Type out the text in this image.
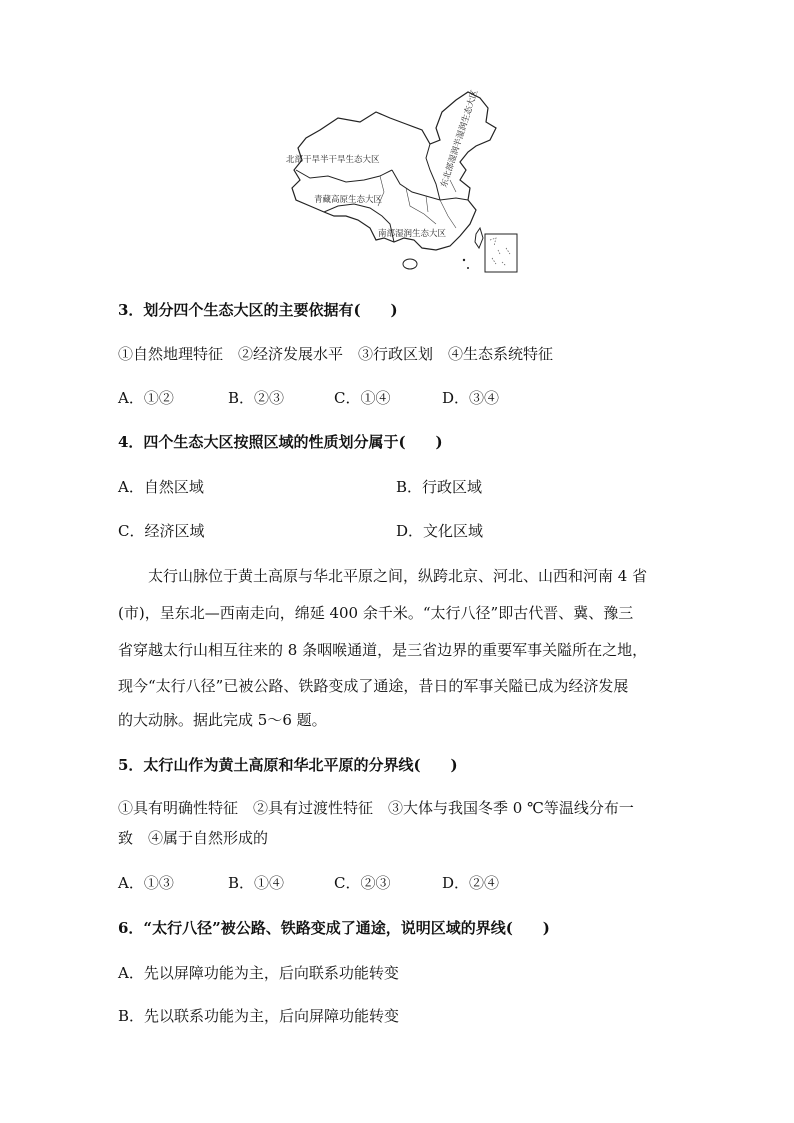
北部干旱半干旱生态大区
青藏高原生态大区
南部湿润生态大区
东北部湿润半湿润生态大区
3．划分四个生态大区的主要依据有(　　)
①自然地理特征　②经济发展水平　③行政区划　④生态系统特征
A．①②	B．②③	C．①④	D．③④
4．四个生态大区按照区域的性质划分属于(　　)
A．自然区域	B．行政区域
C．经济区域	D．文化区域
太行山脉位于黄土高原与华北平原之间，纵跨北京、河北、山西和河南 4 省
(市)，呈东北—西南走向，绵延 400 余千米。“太行八径”即古代晋、冀、豫三
省穿越太行山相互往来的 8 条咽喉通道，是三省边界的重要军事关隘所在之地，
现今“太行八径”已被公路、铁路变成了通途，昔日的军事关隘已成为经济发展
的大动脉。据此完成 5～6 题。
5．太行山作为黄土高原和华北平原的分界线(　　)
①具有明确性特征　②具有过渡性特征　③大体与我国冬季 0 ℃等温线分布一
致　④属于自然形成的
A．①③	B．①④	C．②③	D．②④
6．“太行八径”被公路、铁路变成了通途，说明区域的界线(　　)
A．先以屏障功能为主，后向联系功能转变
B．先以联系功能为主，后向屏障功能转变
